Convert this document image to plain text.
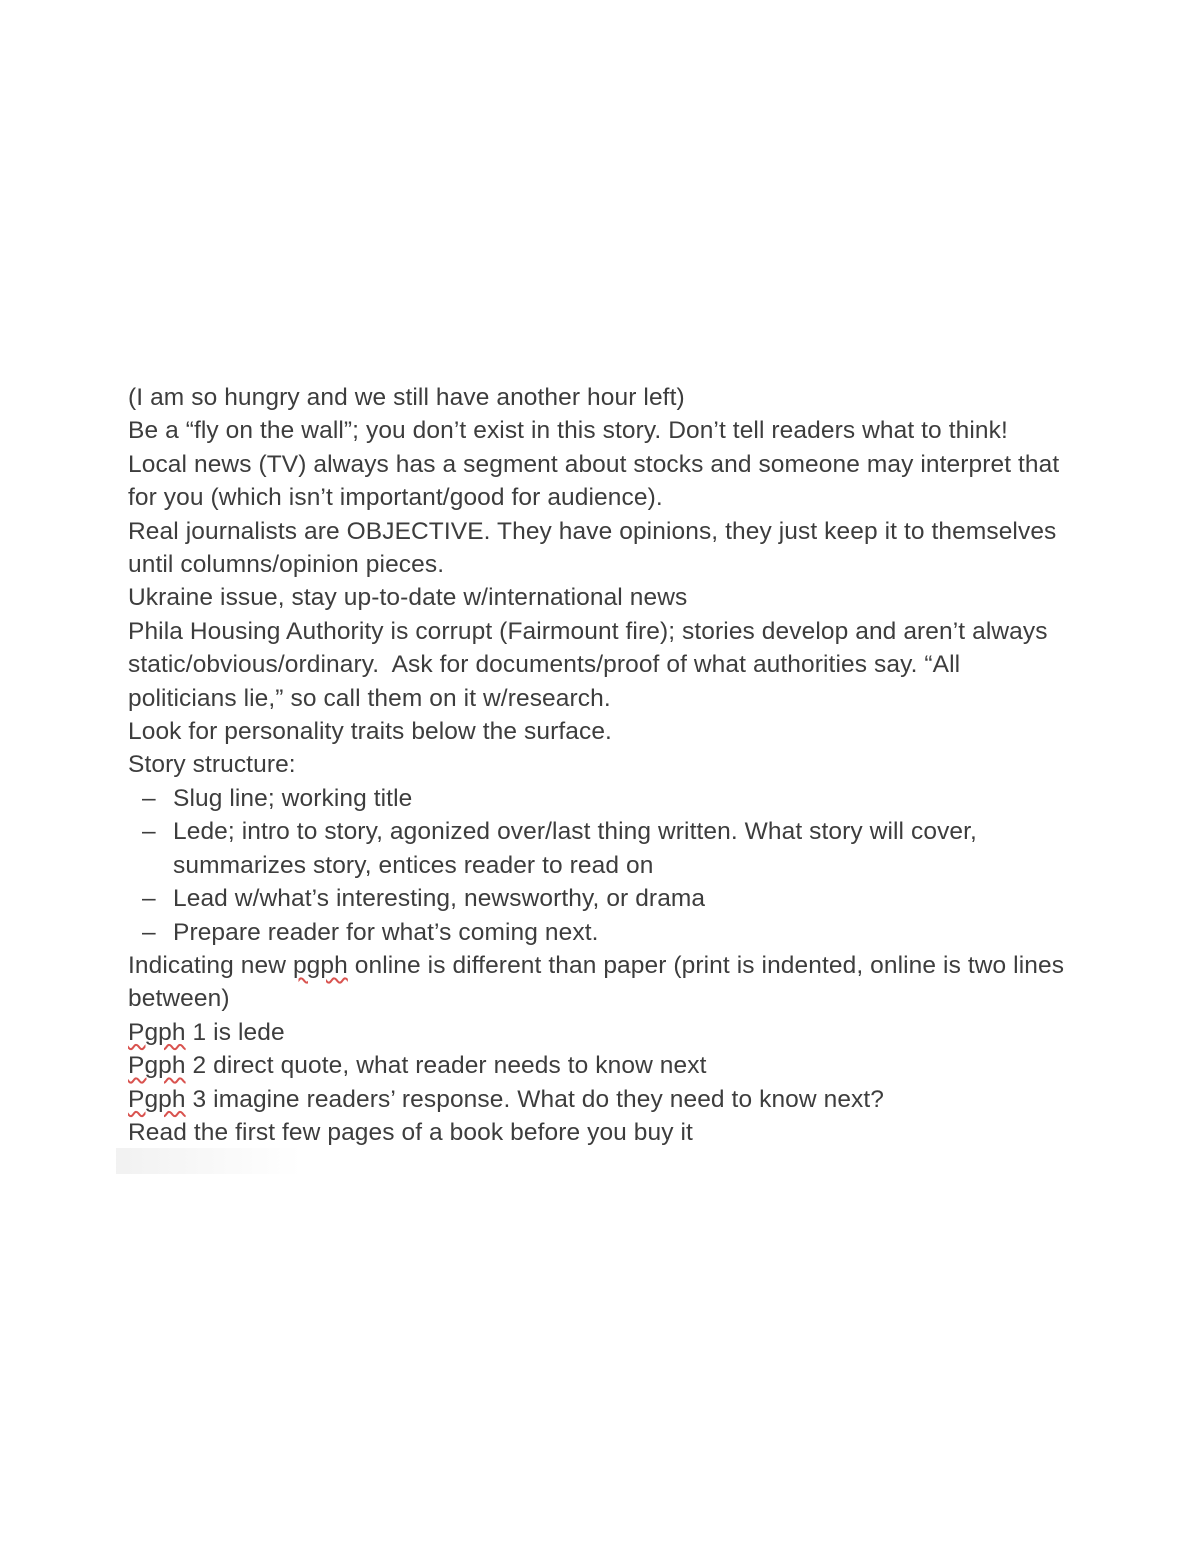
(I am so hungry and we still have another hour left)
Be a “fly on the wall”; you don’t exist in this story. Don’t tell readers what to think! Local news (TV) always has a segment about stocks and someone may interpret that for you (which isn’t important/good for audience).
Real journalists are OBJECTIVE. They have opinions, they just keep it to themselves until columns/opinion pieces.
Ukraine issue, stay up-to-date w/international news
Phila Housing Authority is corrupt (Fairmount fire); stories develop and aren’t always static/obvious/ordinary.  Ask for documents/proof of what authorities say. “All politicians lie,” so call them on it w/research.
Look for personality traits below the surface.
Story structure:
– Slug line; working title
– Lede; intro to story, agonized over/last thing written. What story will cover, summarizes story, entices reader to read on
– Lead w/what’s interesting, newsworthy, or drama
– Prepare reader for what’s coming next.
Indicating new pgph online is different than paper (print is indented, online is two lines between)
Pgph 1 is lede
Pgph 2 direct quote, what reader needs to know next
Pgph 3 imagine readers’ response. What do they need to know next?
Read the first few pages of a book before you buy it
